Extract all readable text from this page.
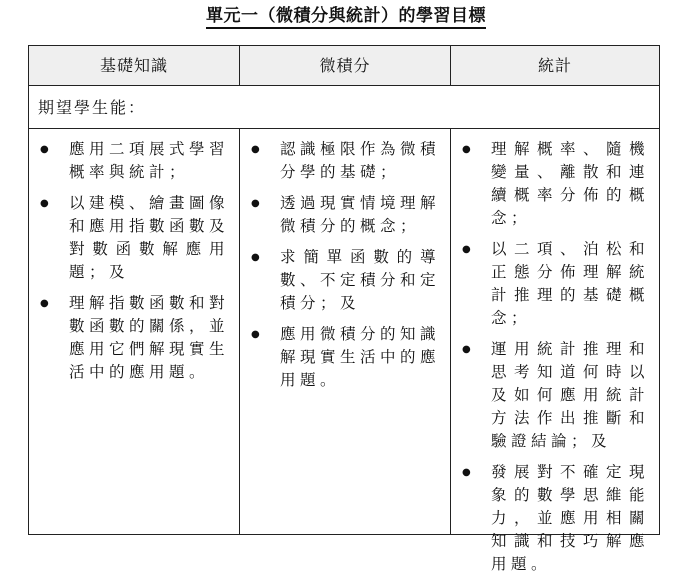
單元一（微積分與統計）的學習目標
基礎知識	微積分	統計
期望學生能：
● 應用二項展式學習概率與統計；
● 以建模、繪畫圖像和應用指數函數及對數函數解應用題；及
● 理解指數函數和對數函數的關係，並應用它們解現實生活中的應用題。
● 認識極限作為微積分學的基礎；
● 透過現實情境理解微積分的概念；
● 求簡單函數的導數、不定積分和定積分；及
● 應用微積分的知識解現實生活中的應用題。
● 理解概率、隨機變量、離散和連續概率分佈的概念；
● 以二項、泊松和正態分佈理解統計推理的基礎概念；
● 運用統計推理和思考知道何時以及如何應用統計方法作出推斷和驗證結論；及
● 發展對不確定現象的數學思維能力，並應用相關知識和技巧解應用題。
